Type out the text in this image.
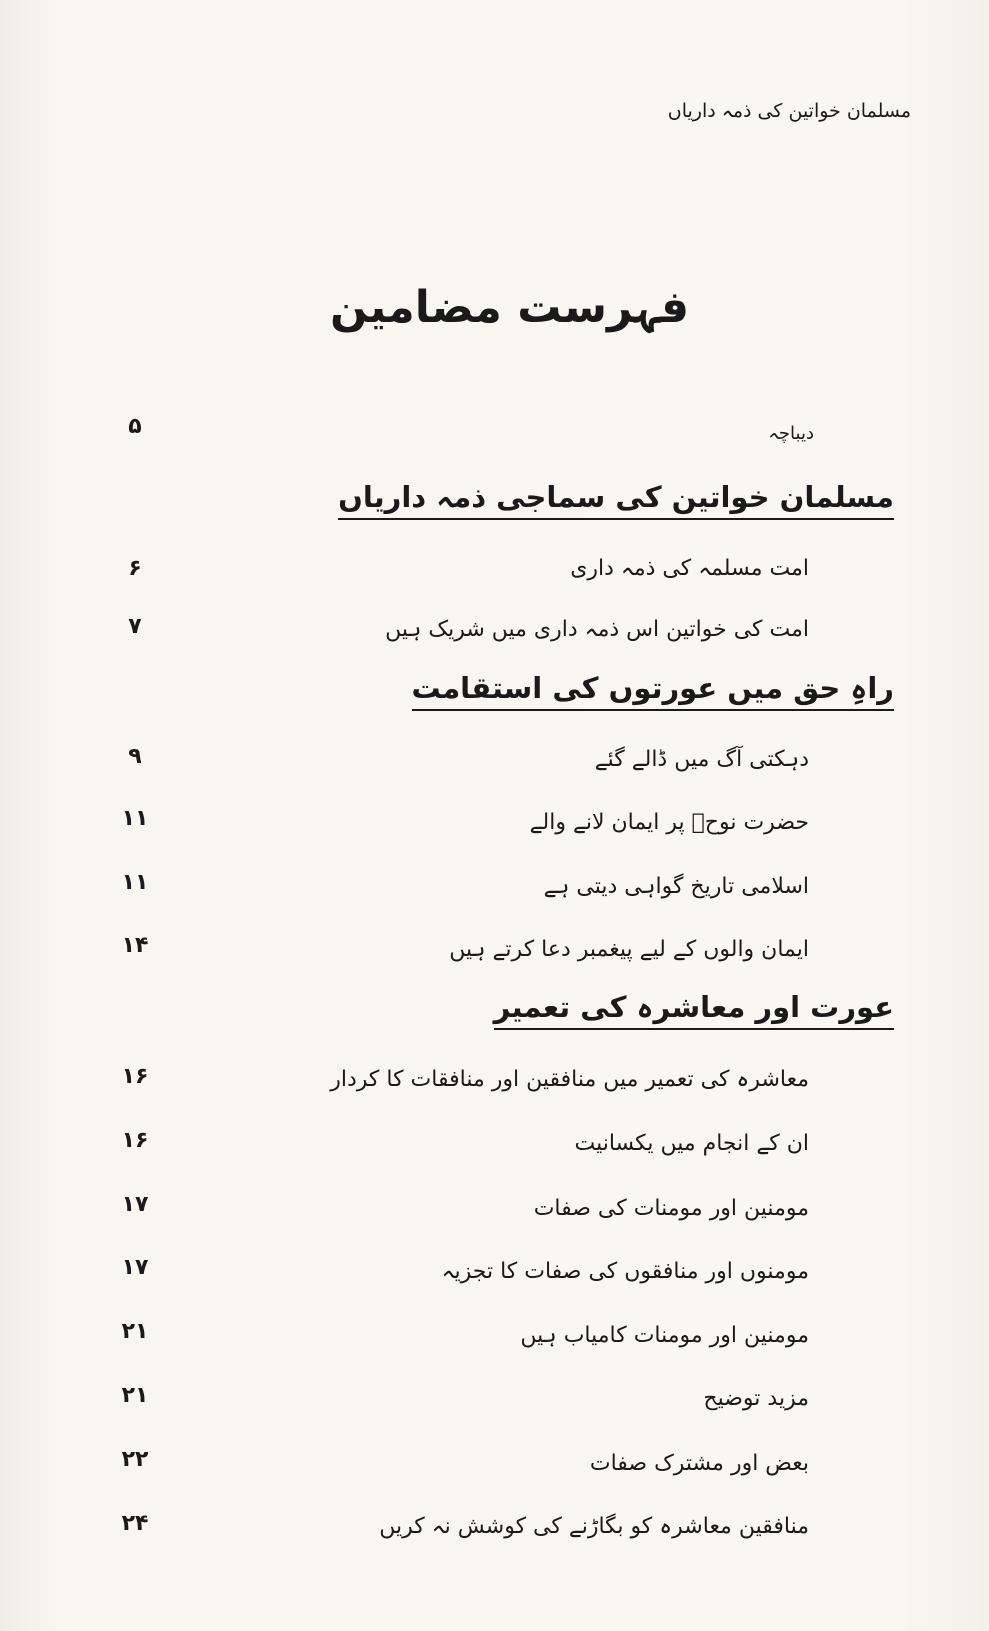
مسلمان خواتین کی ذمہ داریاں
فہرست مضامین
دیباچہ
۵
مسلمان خواتین کی سماجی ذمہ داریاں
امت مسلمہ کی ذمہ داری
۶
امت کی خواتین اس ذمہ داری میں شریک ہیں
۷
راہِ حق میں عورتوں کی استقامت
دہکتی آگ میں ڈالے گئے
۹
حضرت نوحؑ پر ایمان لانے والے
۱۱
اسلامی تاریخ گواہی دیتی ہے
۱۱
ایمان والوں کے لیے پیغمبر دعا کرتے ہیں
۱۴
عورت اور معاشرہ کی تعمیر
معاشرہ کی تعمیر میں منافقین اور منافقات کا کردار
۱۶
ان کے انجام میں یکسانیت
۱۶
مومنین اور مومنات کی صفات
۱۷
مومنوں اور منافقوں کی صفات کا تجزیہ
۱۷
مومنین اور مومنات کامیاب ہیں
۲۱
مزید توضیح
۲۱
بعض اور مشترک صفات
۲۲
منافقین معاشرہ کو بگاڑنے کی کوشش نہ کریں
۲۴
